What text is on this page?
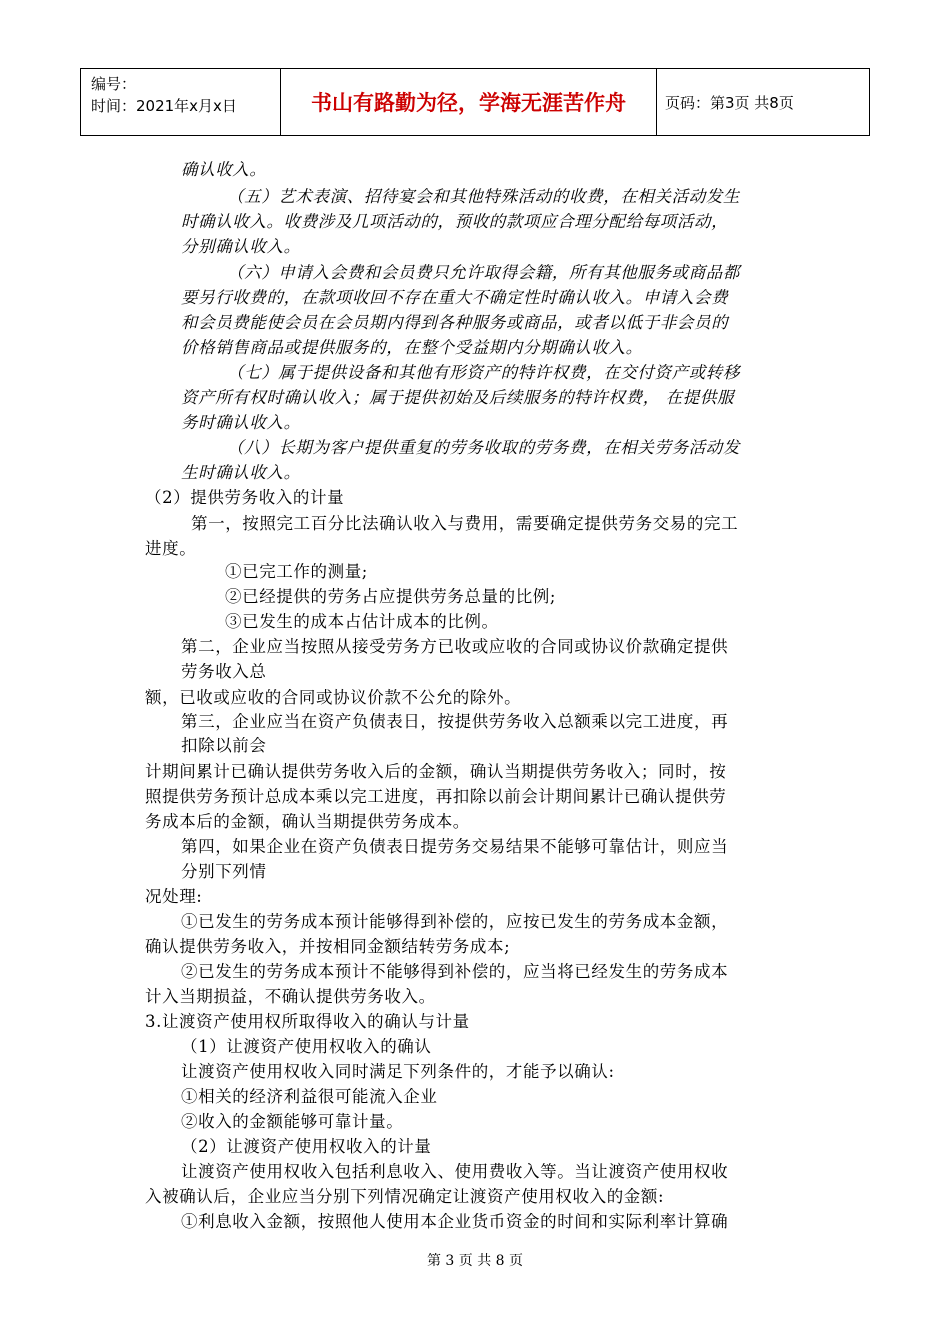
编号：
时间：2021年x月x日	书山有路勤为径，学海无涯苦作舟	页码：第3页 共8页
确认收入。
（五）艺术表演、招待宴会和其他特殊活动的收费，在相关活动发生
时确认收入。收费涉及几项活动的，预收的款项应合理分配给每项活动，
分别确认收入。
（六）申请入会费和会员费只允许取得会籍，所有其他服务或商品都
要另行收费的，在款项收回不存在重大不确定性时确认收入。申请入会费
和会员费能使会员在会员期内得到各种服务或商品，或者以低于非会员的
价格销售商品或提供服务的，在整个受益期内分期确认收入。
（七）属于提供设备和其他有形资产的特许权费，在交付资产或转移
资产所有权时确认收入；属于提供初始及后续服务的特许权费， 在提供服
务时确认收入。
（八）长期为客户提供重复的劳务收取的劳务费，在相关劳务活动发
生时确认收入。
（2）提供劳务收入的计量
第一，按照完工百分比法确认收入与费用，需要确定提供劳务交易的完工
进度。
①已完工作的测量;
②已经提供的劳务占应提供劳务总量的比例;
③已发生的成本占估计成本的比例。
第二，企业应当按照从接受劳务方已收或应收的合同或协议价款确定提供
劳务收入总
额，已收或应收的合同或协议价款不公允的除外。
第三，企业应当在资产负债表日，按提供劳务收入总额乘以完工进度，再
扣除以前会
计期间累计已确认提供劳务收入后的金额，确认当期提供劳务收入；同时，按
照提供劳务预计总成本乘以完工进度，再扣除以前会计期间累计已确认提供劳
务成本后的金额，确认当期提供劳务成本。
第四，如果企业在资产负债表日提劳务交易结果不能够可靠估计，则应当
分别下列情
况处理:
①已发生的劳务成本预计能够得到补偿的，应按已发生的劳务成本金额，
确认提供劳务收入，并按相同金额结转劳务成本;
②已发生的劳务成本预计不能够得到补偿的，应当将已经发生的劳务成本
计入当期损益，不确认提供劳务收入。
3.让渡资产使用权所取得收入的确认与计量
（1）让渡资产使用权收入的确认
让渡资产使用权收入同时满足下列条件的，才能予以确认:
①相关的经济利益很可能流入企业
②收入的金额能够可靠计量。
（2）让渡资产使用权收入的计量
让渡资产使用权收入包括利息收入、使用费收入等。当让渡资产使用权收
入被确认后，企业应当分别下列情况确定让渡资产使用权收入的金额:
①利息收入金额，按照他人使用本企业货币资金的时间和实际利率计算确
第 3 页 共 8 页
